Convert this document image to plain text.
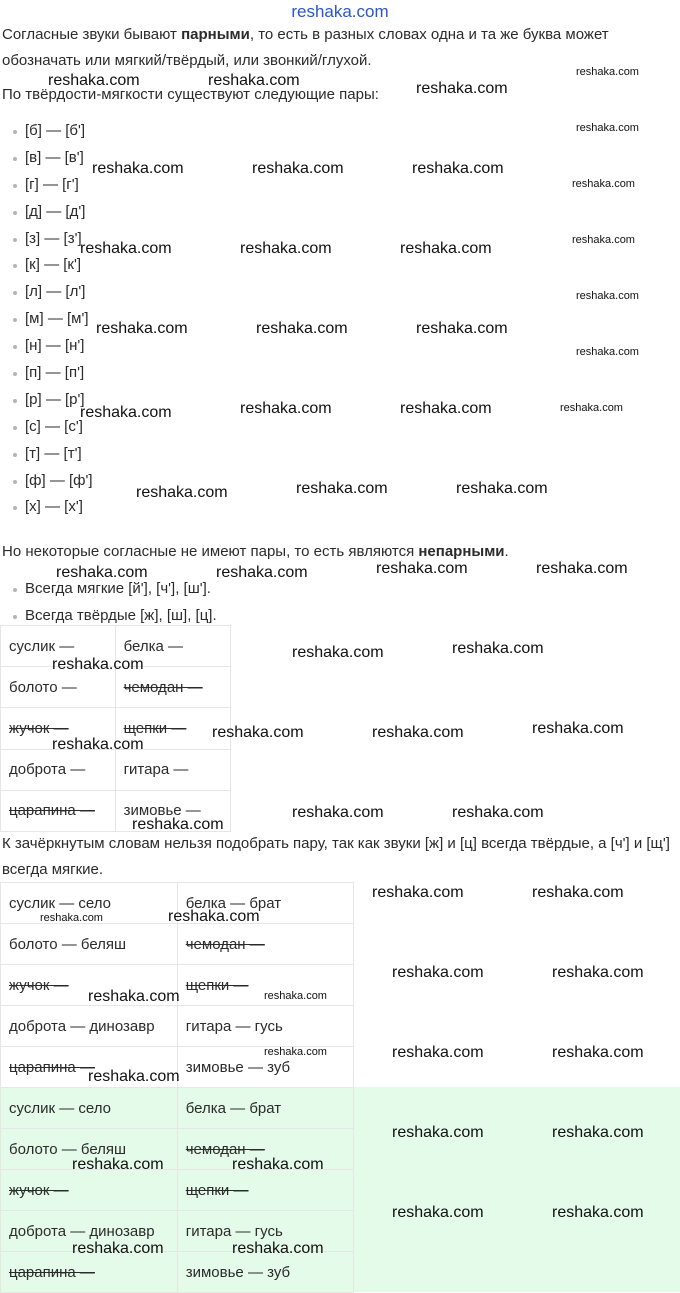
reshaka.com

Согласные звуки бывают парными, то есть в разных словах одна и та же буква может обозначать или мягкий/твёрдый, или звонкий/глухой.

По твёрдости-мягкости существуют следующие пары:

[б] — [б']
[в] — [в']
[г] — [г']
[д] — [д']
[з] — [з']
[к] — [к']
[л] — [л']
[м] — [м']
[н] — [н']
[п] — [п']
[р] — [р']
[с] — [с']
[т] — [т']
[ф] — [ф']
[х] — [х']

Но некоторые согласные не имеют пары, то есть являются непарными.

Всегда мягкие [й'], [ч'], [ш'].
Всегда твёрдые [ж], [ш], [ц].
суслик —	белка —
болото —	чемодан —
жучок —	щепки —
доброта —	гитара —
царапина —	зимовье —

К зачёркнутым словам нельзя подобрать пару, так как звуки [ж] и [ц] всегда твёрдые, а [ч'] и [щ'] всегда мягкие.

суслик — село	белка — брат
болото — беляш	чемодан —
жучок —	щепки —
доброта — динозавр	гитара — гусь
царапина —	зимовье — зуб
суслик — село	белка — брат
болото — беляш	чемодан —
жучок —	щепки —
доброта — динозавр	гитара — гусь
царапина —	зимовье — зуб
reshaka.com	reshaka.com	reshaka.com
reshaka.com
reshaka.com
reshaka.com	reshaka.com	reshaka.com
reshaka.com
reshaka.com
reshaka.com	reshaka.com	reshaka.com
reshaka.com
reshaka.com	reshaka.com	reshaka.com
reshaka.com
reshaka.com	reshaka.com	reshaka.com	reshaka.com
reshaka.com	reshaka.com	reshaka.com
reshaka.com	reshaka.com	reshaka.com	reshaka.com
reshaka.com
reshaka.com	reshaka.com
reshaka.com	reshaka.com	reshaka.com
reshaka.com
reshaka.com	reshaka.com
reshaka.com
reshaka.com	reshaka.com
reshaka.com	reshaka.com
reshaka.com	reshaka.com
reshaka.com	reshaka.com
reshaka.com	reshaka.com	reshaka.com
reshaka.com
reshaka.com	reshaka.com
reshaka.com	reshaka.com
reshaka.com	reshaka.com
reshaka.com	reshaka.com
